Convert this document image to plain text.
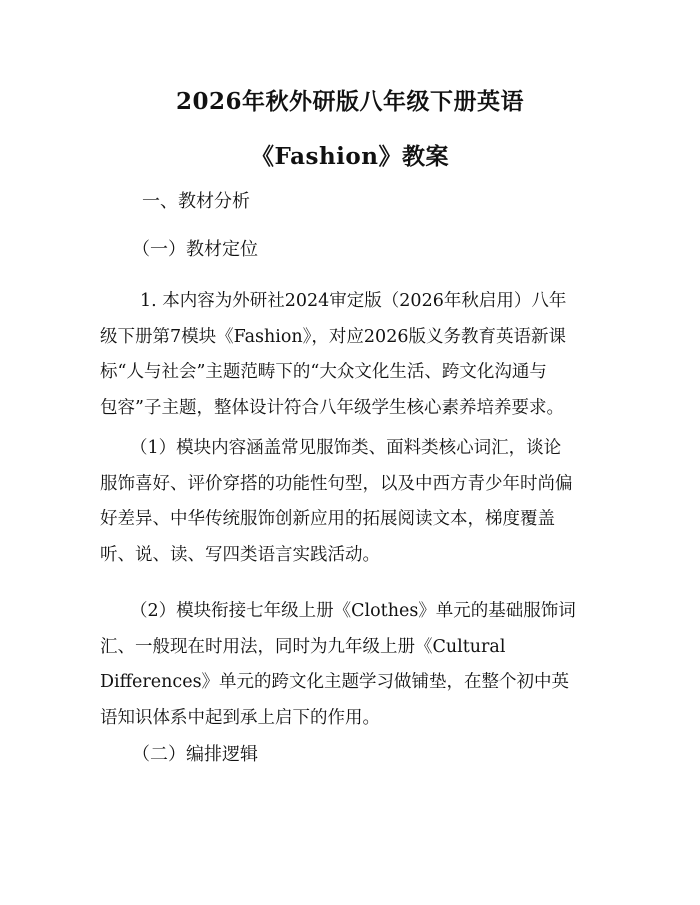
2026年秋外研版八年级下册英语
《Fashion》教案
一、教材分析
（一）教材定位
1. 本内容为外研社2024审定版（2026年秋启用）八年
级下册第7模块《Fashion》，对应2026版义务教育英语新课
标“人与社会”主题范畴下的“大众文化生活、跨文化沟通与
包容”子主题，整体设计符合八年级学生核心素养培养要求。
（1）模块内容涵盖常见服饰类、面料类核心词汇，谈论
服饰喜好、评价穿搭的功能性句型，以及中西方青少年时尚偏
好差异、中华传统服饰创新应用的拓展阅读文本，梯度覆盖
听、说、读、写四类语言实践活动。
（2）模块衔接七年级上册《Clothes》单元的基础服饰词
汇、一般现在时用法，同时为九年级上册《Cultural
Differences》单元的跨文化主题学习做铺垫，在整个初中英
语知识体系中起到承上启下的作用。
（二）编排逻辑
